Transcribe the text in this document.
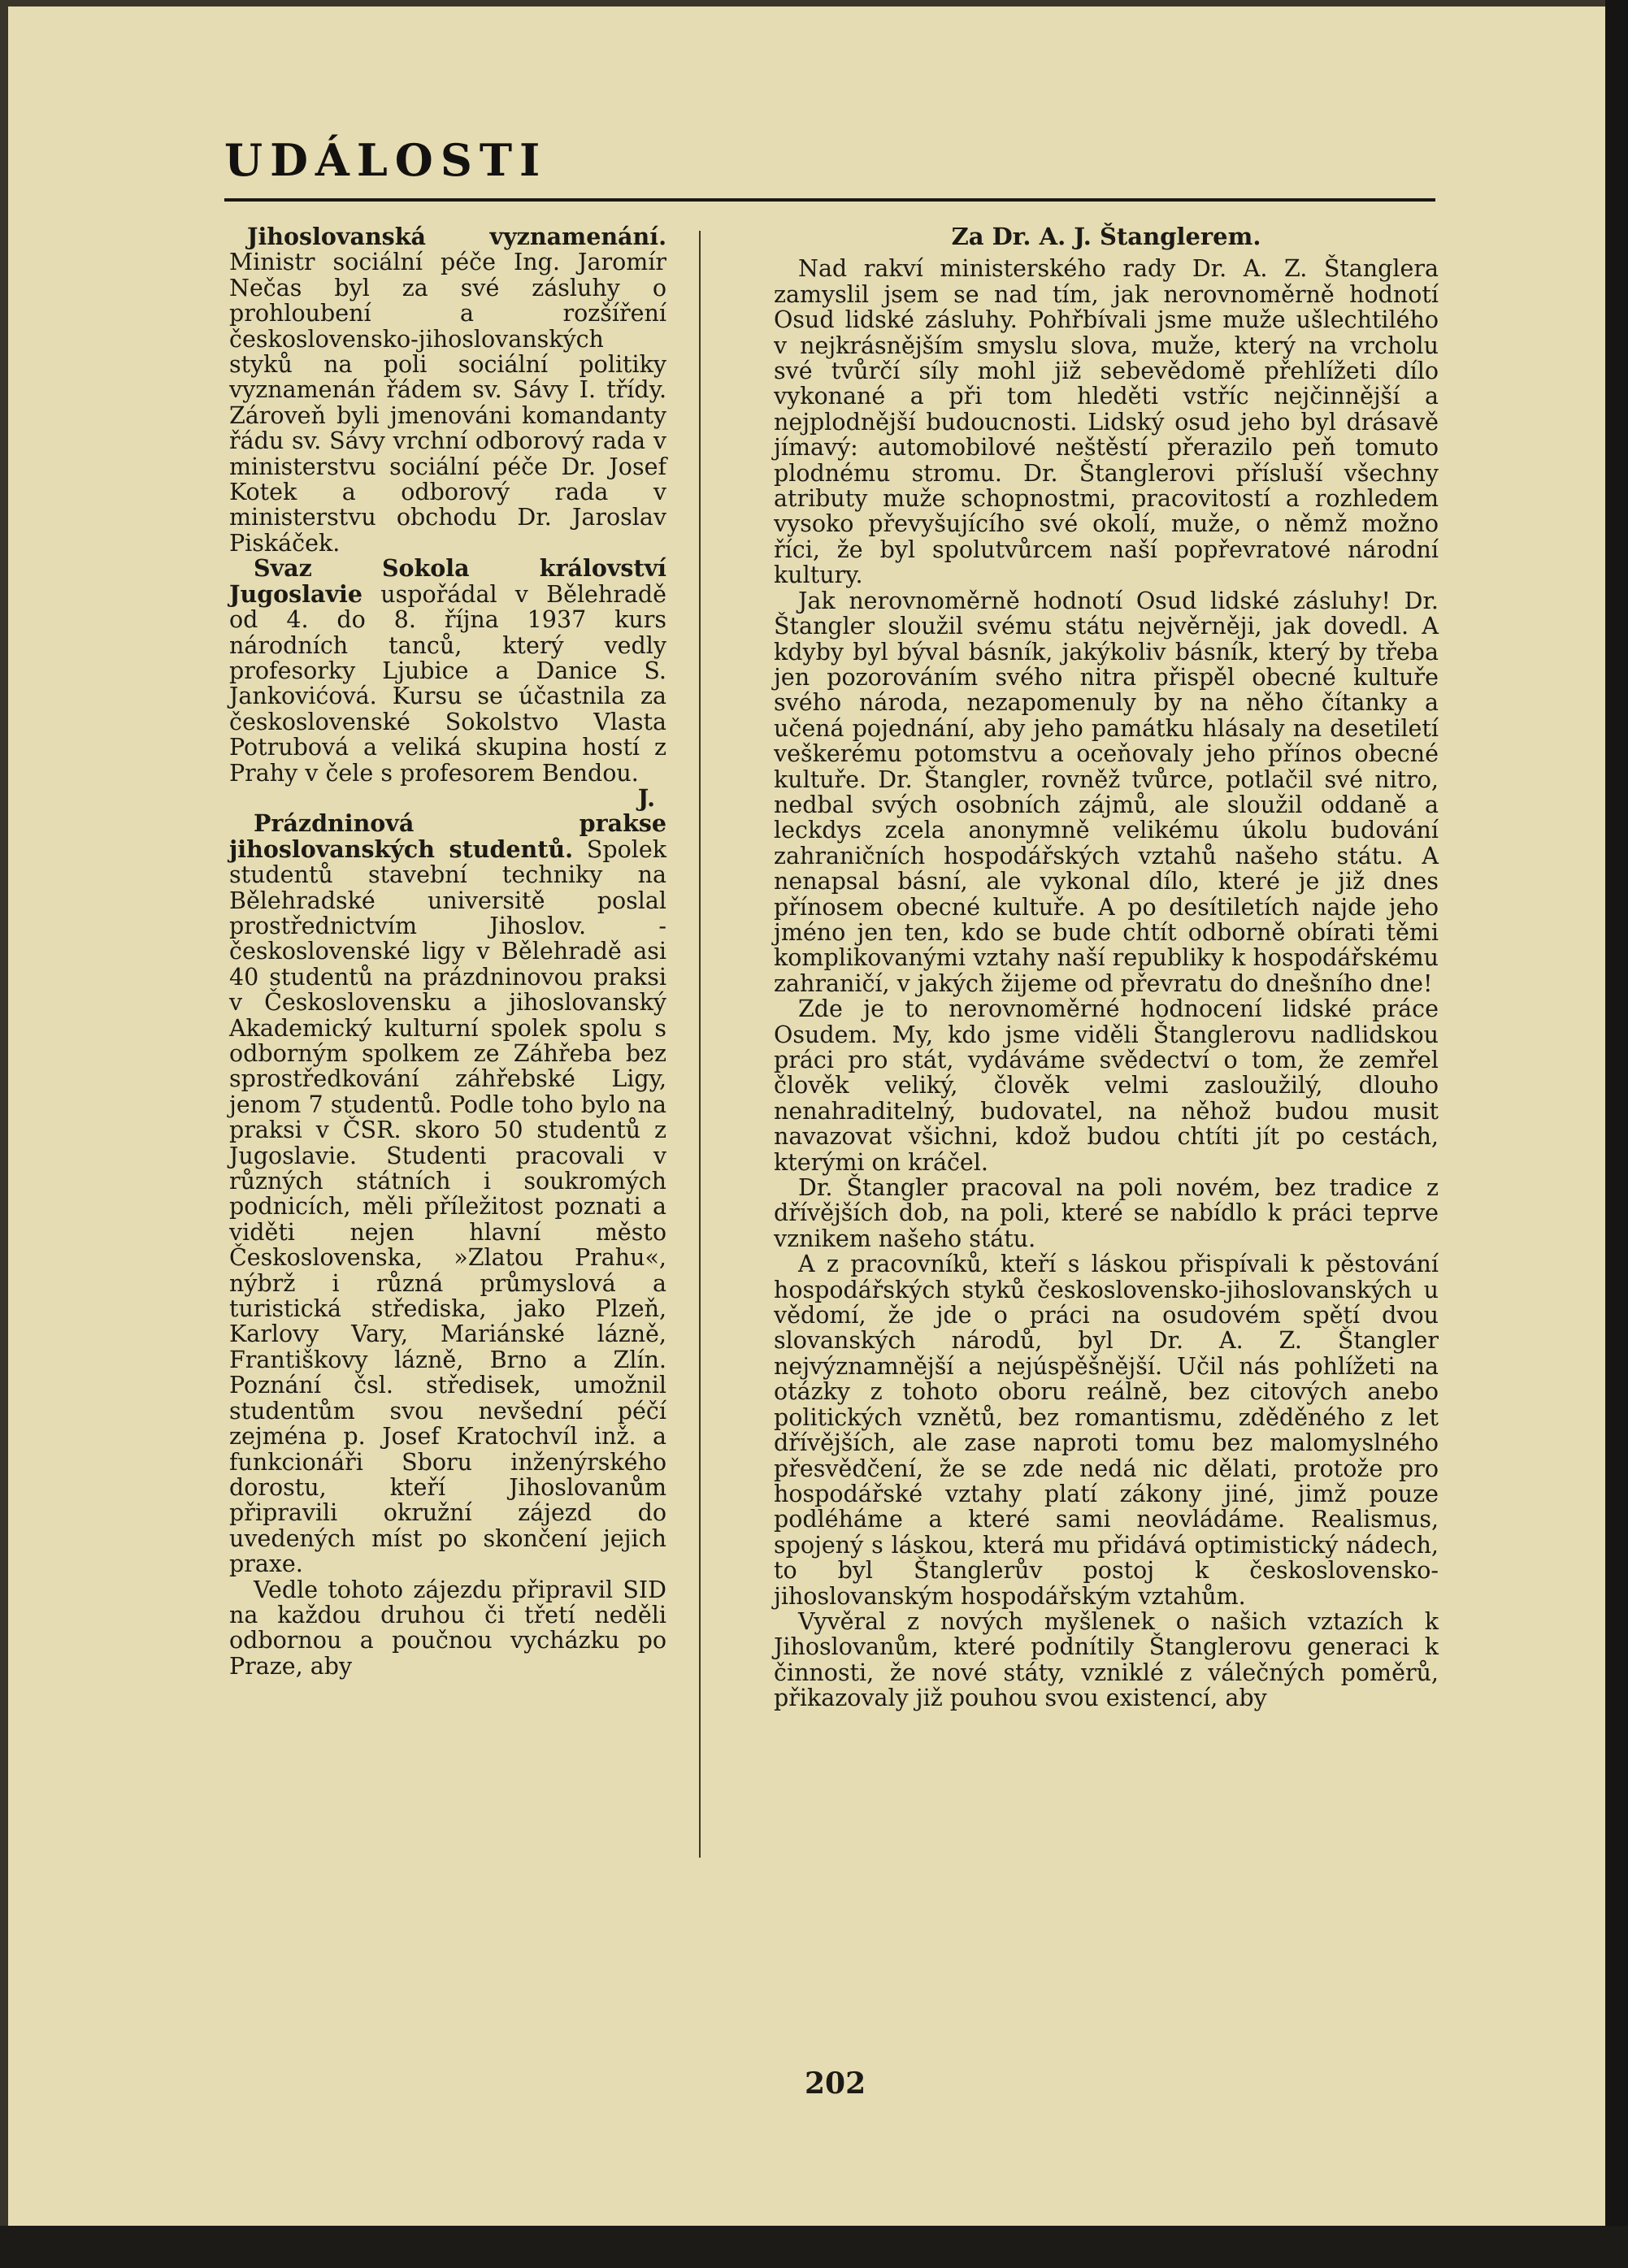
UDÁLOSTI

Jihoslovanská vyznamenání. Ministr sociální péče Ing. Jaromír Nečas byl za své zásluhy o prohloubení a rozšíření československo-jihoslovanských styků na poli sociální politiky vyznamenán řádem sv. Sávy I. třídy. Zároveň byli jmenováni komandanty řádu sv. Sávy vrchní odborový rada v ministerstvu sociální péče Dr. Josef Kotek a odborový rada v ministerstvu obchodu Dr. Jaroslav Piskáček.

Svaz Sokola království Jugoslavie uspořádal v Bělehradě od 4. do 8. října 1937 kurs národních tanců, který vedly profesorky Ljubice a Danice S. Jankovićová. Kursu se účastnila za československé Sokolstvo Vlasta Potrubová a veliká skupina hostí z Prahy v čele s profesorem Bendou.
J.

Prázdninová prakse jihoslovanských studentů. Spolek studentů stavební techniky na Bělehradské universitě poslal prostřednictvím Jihoslov. - československé ligy v Bělehradě asi 40 studentů na prázdninovou praksi v Československu a jihoslovanský Akademický kulturní spolek spolu s odborným spolkem ze Záhřeba bez sprostředkování záhřebské Ligy, jenom 7 studentů. Podle toho bylo na praksi v ČSR. skoro 50 studentů z Jugoslavie. Studenti pracovali v různých státních i soukromých podnicích, měli příležitost poznati a viděti nejen hlavní město Československa, »Zlatou Prahu«, nýbrž i různá průmyslová a turistická střediska, jako Plzeň, Karlovy Vary, Mariánské lázně, Františkovy lázně, Brno a Zlín. Poznání čsl. středisek, umožnil studentům svou nevšední péčí zejména p. Josef Kratochvíl inž. a funkcionáři Sboru inženýrského dorostu, kteří Jihoslovanům připravili okružní zájezd do uvedených míst po skončení jejich praxe.

Vedle tohoto zájezdu připravil SID na každou druhou či třetí neděli odbornou a poučnou vycházku po Praze, aby

Za Dr. A. J. Štanglerem.

Nad rakví ministerského rady Dr. A. Z. Štanglera zamyslil jsem se nad tím, jak nerovnoměrně hodnotí Osud lidské zásluhy. Pohřbívali jsme muže ušlechtilého v nejkrásnějším smyslu slova, muže, který na vrcholu své tvůrčí síly mohl již sebevědomě přehlížeti dílo vykonané a při tom hleděti vstříc nejčinnější a nejplodnější budoucnosti. Lidský osud jeho byl drásavě jímavý: automobilové neštěstí přerazilo peň tomuto plodnému stromu. Dr. Štanglerovi přísluší všechny atributy muže schopnostmi, pracovitostí a rozhledem vysoko převyšujícího své okolí, muže, o němž možno říci, že byl spolutvůrcem naší popřevratové národní kultury.

Jak nerovnoměrně hodnotí Osud lidské zásluhy! Dr. Štangler sloužil svému státu nejvěrněji, jak dovedl. A kdyby byl býval básník, jakýkoliv básník, který by třeba jen pozorováním svého nitra přispěl obecné kultuře svého národa, nezapomenuly by na něho čítanky a učená pojednání, aby jeho památku hlásaly na desetiletí veškerému potomstvu a oceňovaly jeho přínos obecné kultuře. Dr. Štangler, rovněž tvůrce, potlačil své nitro, nedbal svých osobních zájmů, ale sloužil oddaně a leckdys zcela anonymně velikému úkolu budování zahraničních hospodářských vztahů našeho státu. A nenapsal básní, ale vykonal dílo, které je již dnes přínosem obecné kultuře. A po desítiletích najde jeho jméno jen ten, kdo se bude chtít odborně obírati těmi komplikovanými vztahy naší republiky k hospodářskému zahraničí, v jakých žijeme od převratu do dnešního dne!

Zde je to nerovnoměrné hodnocení lidské práce Osudem. My, kdo jsme viděli Štanglerovu nadlidskou práci pro stát, vydáváme svědectví o tom, že zemřel člověk veliký, člověk velmi zasloužilý, dlouho nenahraditelný, budovatel, na něhož budou musit navazovat všichni, kdož budou chtíti jít po cestách, kterými on kráčel.

Dr. Štangler pracoval na poli novém, bez tradice z dřívějších dob, na poli, které se nabídlo k práci teprve vznikem našeho státu.

A z pracovníků, kteří s láskou přispívali k pěstování hospodářských styků československo-jihoslovanských u vědomí, že jde o práci na osudovém spětí dvou slovanských národů, byl Dr. A. Z. Štangler nejvýznamnější a nejúspěšnější. Učil nás pohlížeti na otázky z tohoto oboru reálně, bez citových anebo politických vznětů, bez romantismu, zděděného z let dřívějších, ale zase naproti tomu bez malomyslného přesvědčení, že se zde nedá nic dělati, protože pro hospodářské vztahy platí zákony jiné, jimž pouze podléháme a které sami neovládáme. Realismus, spojený s láskou, která mu přidává optimistický nádech, to byl Štanglerův postoj k československo-jihoslovanským hospodářským vztahům.

Vyvěral z nových myšlenek o našich vztazích k Jihoslovanům, které podnítily Štanglerovu generaci k činnosti, že nové státy, vzniklé z válečných poměrů, přikazovaly již pouhou svou existencí, aby

202
